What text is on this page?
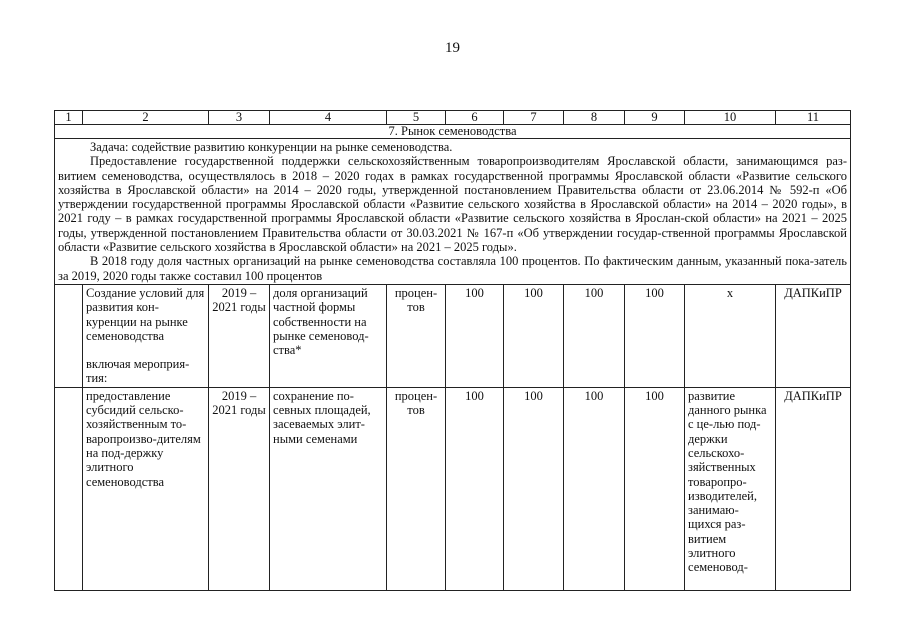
19
1	2	3	4	5	6	7	8	9	10	11
7. Рынок семеноводства										

Задача: содействие развитию конкуренции на рынке семеноводства.

Предоставление государственной поддержки сельскохозяйственным товаропроизводителям Ярославской области, занимающимся раз-витием семеноводства, осуществлялось в 2018 – 2020 годах в рамках государственной программы Ярославской области «Развитие сельского хозяйства в Ярославской области» на 2014 – 2020 годы, утвержденной постановлением Правительства области от 23.06.2014 № 592-п «Об утверждении государственной программы Ярославской области «Развитие сельского хозяйства в Ярославской области» на 2014 – 2020 годы», в 2021 году – в рамках государственной программы Ярославской области «Развитие сельского хозяйства в Ярослан-ской области» на 2021 – 2025 годы, утвержденной постановлением Правительства области от 30.03.2021 № 167-п «Об утверждении государ-ственной программы Ярославской области «Развитие сельского хозяйства в Ярославской области» на 2021 – 2025 годы».

В 2018 году доля частных организаций на рынке семеноводства составляла 100 процентов. По фактическим данным, указанный пока-затель за 2019, 2020 годы также составил 100 процентов										

	Создание условий для развития кон-куренции на рынке семеноводства
включая мероприя-тия:	2019 – 2021 годы	доля организаций частной формы собственности на рынке семеновод-ства*	процен-тов	100	100	100	100	x	ДАПКиПР

	предоставление субсидий сельско-хозяйственным то-варопроизво-дителям на под-держку элитного семеноводства	2019 – 2021 годы	сохранение по-севных площадей, засеваемых элит-ными семенами	процен-тов	100	100	100	100	развитие данного рынка с це-лью под-держки сельскохо-зяйственных товаропро-изводителей, занимаю-щихся раз-витием элитного семеновод-	ДАПКиПР
